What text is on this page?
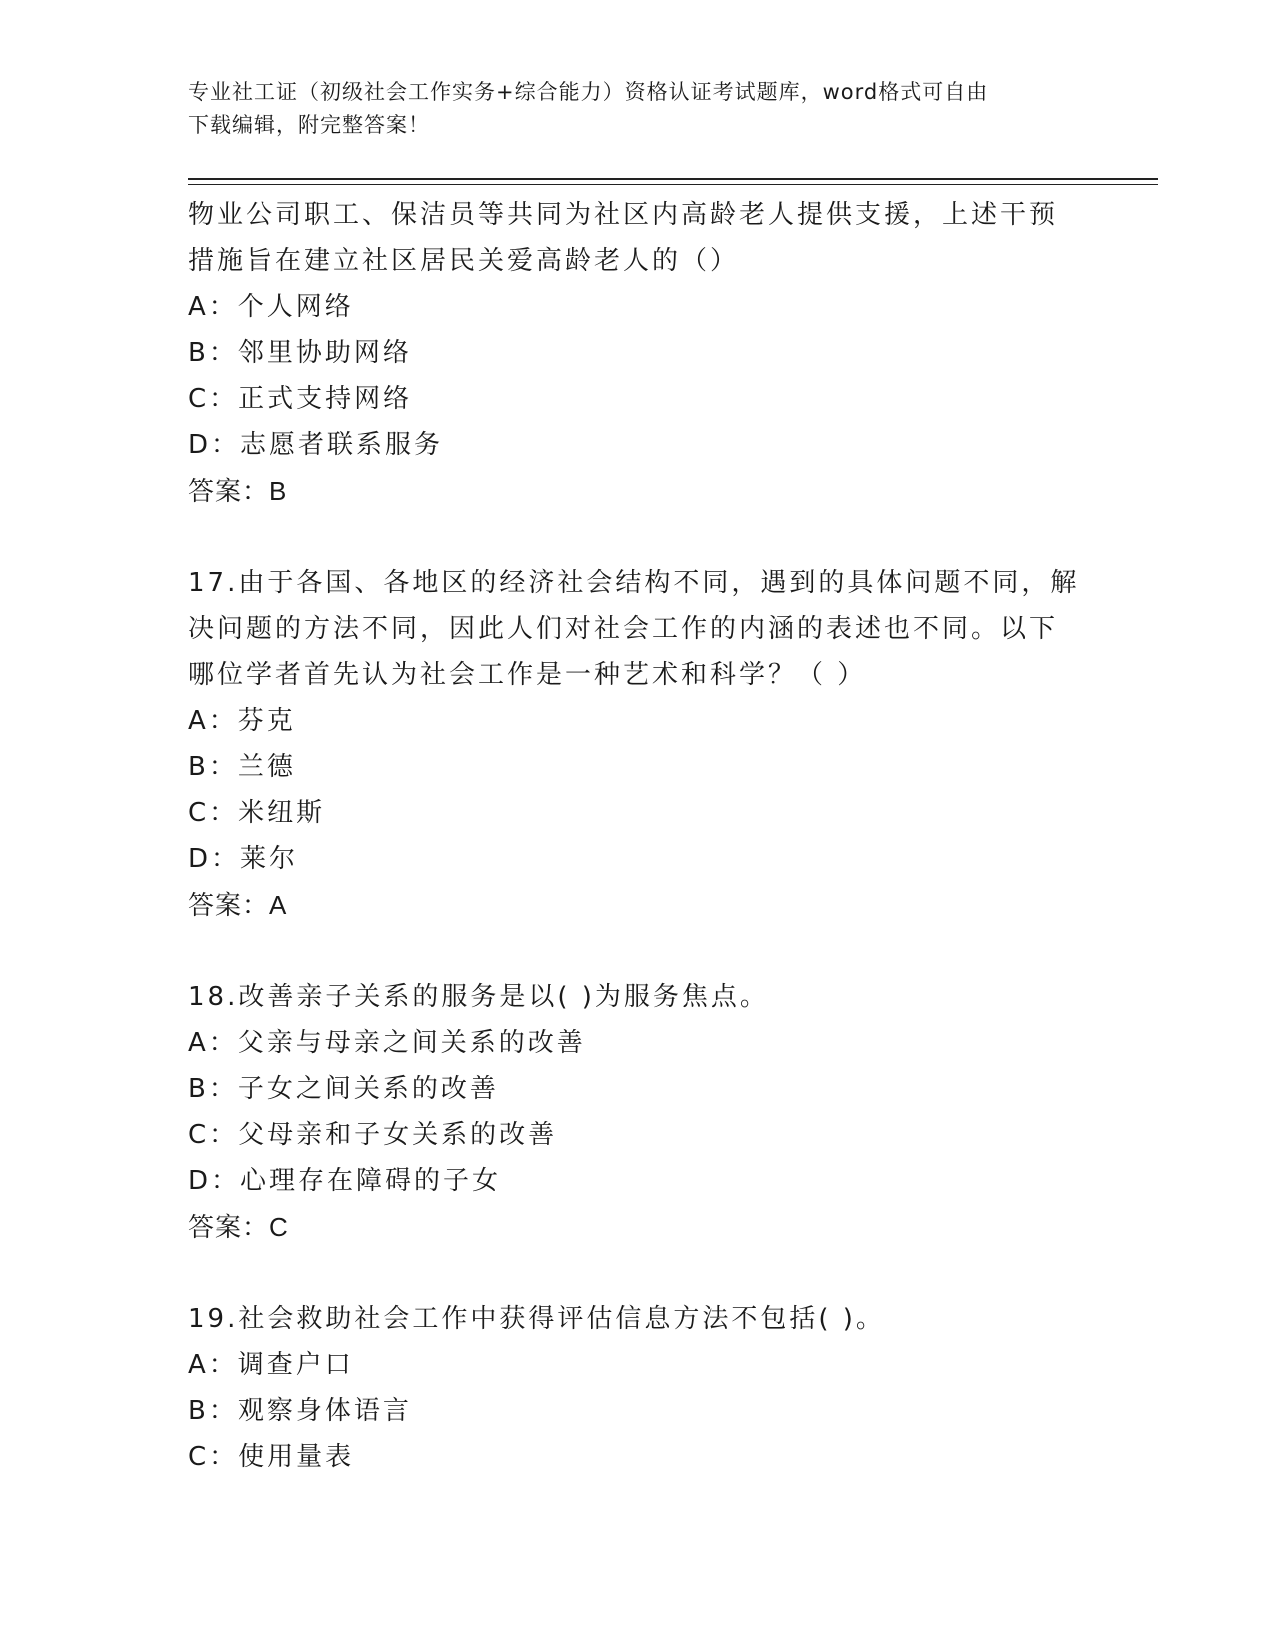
专业社工证（初级社会工作实务+综合能力）资格认证考试题库，word格式可自由
下载编辑，附完整答案！
物业公司职工、保洁员等共同为社区内高龄老人提供支援，上述干预
措施旨在建立社区居民关爱高龄老人的（）
A：个人网络
B：邻里协助网络
C：正式支持网络
D：志愿者联系服务
答案：B
17.由于各国、各地区的经济社会结构不同，遇到的具体问题不同，解
决问题的方法不同，因此人们对社会工作的内涵的表述也不同。以下
哪位学者首先认为社会工作是一种艺术和科学？（ ）
A：芬克
B：兰德
C：米纽斯
D：莱尔
答案：A
18.改善亲子关系的服务是以( )为服务焦点。
A：父亲与母亲之间关系的改善
B：子女之间关系的改善
C：父母亲和子女关系的改善
D：心理存在障碍的子女
答案：C
19.社会救助社会工作中获得评估信息方法不包括( )。
A：调查户口
B：观察身体语言
C：使用量表
